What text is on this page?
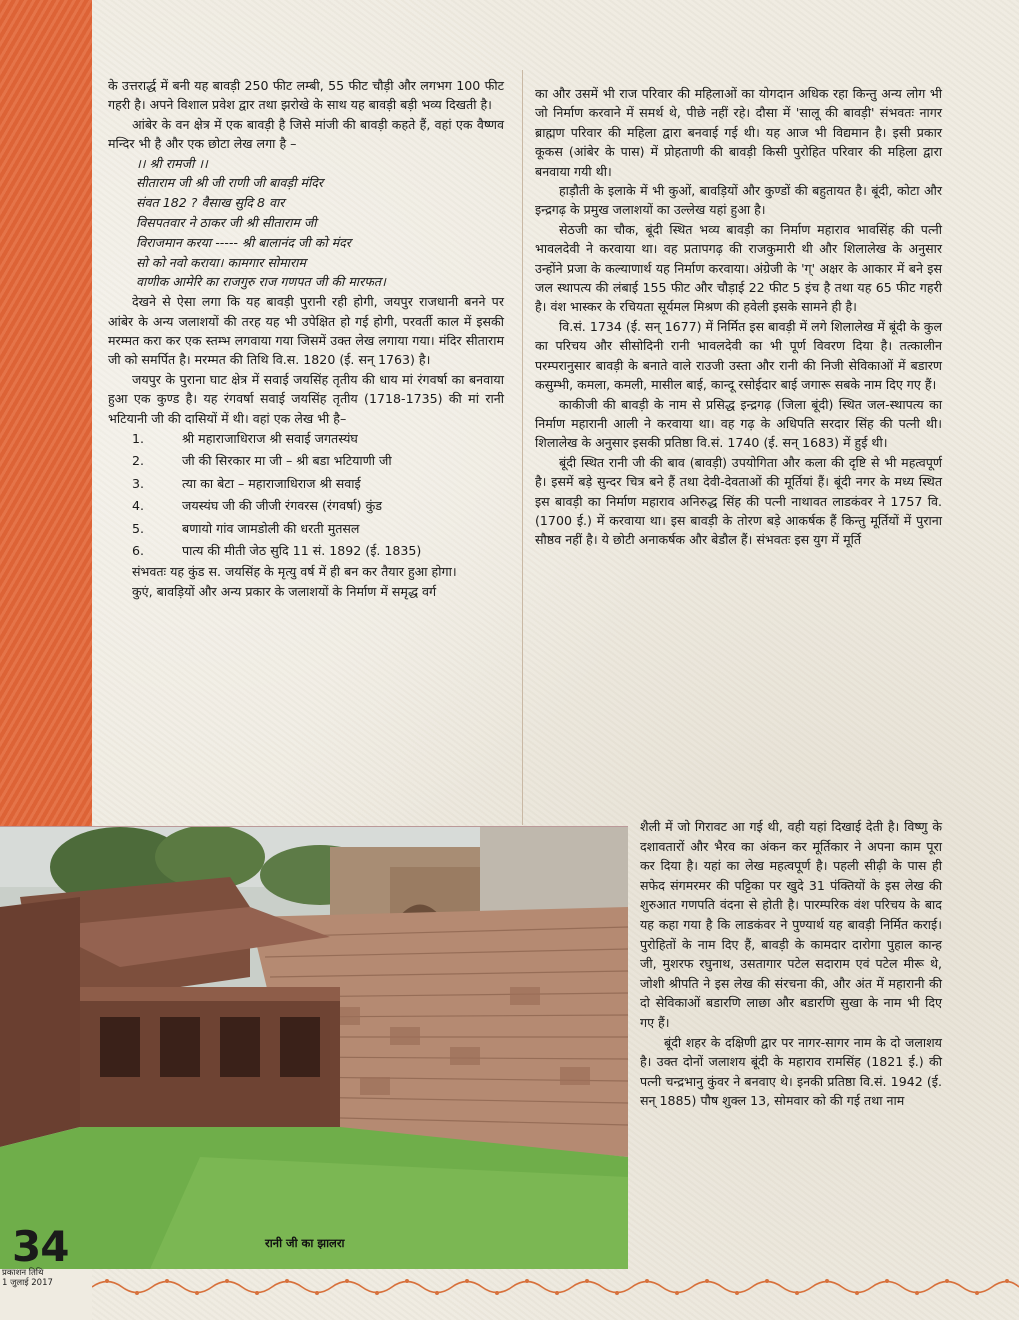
के उत्तरार्द्ध में बनी यह बावड़ी 250 फीट लम्बी, 55 फीट चौड़ी और लगभग 100 फीट गहरी है। अपने विशाल प्रवेश द्वार तथा झरोखे के साथ यह बावड़ी बड़ी भव्य दिखती है।

आंबेर के वन क्षेत्र में एक बावड़ी है जिसे मांजी की बावड़ी कहते हैं, वहां एक वैष्णव मन्दिर भी है और एक छोटा लेख लगा है –

।। श्री रामजी ।।
सीताराम जी श्री जी राणी जी बावड़ी मंदिर
संवत 182 ? वैसाख सुदि 8 वार
विसपतवार ने ठाकर जी श्री सीताराम जी
विराजमान करया ----- श्री बालानंद जी को मंदर
सो को नवो कराया। कामगार सोमाराम
वाणीक आमेरि का राजगुरु राज गणपत जी की मारफत।

देखने से ऐसा लगा कि यह बावड़ी पुरानी रही होगी, जयपुर राजधानी बनने पर आंबेर के अन्य जलाशयों की तरह यह भी उपेक्षित हो गई होगी, परवर्ती काल में इसकी मरम्मत करा कर एक स्तम्भ लगवाया गया जिसमें उक्त लेख लगाया गया। मंदिर सीताराम जी को समर्पित है। मरम्मत की तिथि वि.स. 1820 (ई. सन् 1763) है।

जयपुर के पुराना घाट क्षेत्र में सवाई जयसिंह तृतीय की धाय मां रंगवर्षा का बनवाया हुआ एक कुण्ड है। यह रंगवर्षा सवाई जयसिंह तृतीय (1718-1735) की मां रानी भटियानी जी की दासियों में थी। वहां एक लेख भी है–

1.	श्री महाराजाधिराज श्री सवाई जगतस्यंघ
2.	जी की सिरकार मा जी – श्री बडा भटियाणी जी
3.	त्या का बेटा – महाराजाधिराज श्री सवाई
4.	जयस्यंघ जी की जीजी रंगवरस (रंगवर्षा) कुंड
5.	बणायो गांव जामडोली की धरती मुतसल
6.	पात्य की मीती जेठ सुदि 11 सं. 1892 (ई. 1835)

संभवतः यह कुंड स. जयसिंह के मृत्यु वर्ष में ही बन कर तैयार हुआ होगा।

कुएं, बावड़ियों और अन्य प्रकार के जलाशयों के निर्माण में समृद्ध वर्ग

का और उसमें भी राज परिवार की महिलाओं का योगदान अधिक रहा किन्तु अन्य लोग भी जो निर्माण करवाने में समर्थ थे, पीछे नहीं रहे। दौसा में 'सालू की बावड़ी' संभवतः नागर ब्राह्मण परिवार की महिला द्वारा बनवाई गई थी। यह आज भी विद्यमान है। इसी प्रकार कूकस (आंबेर के पास) में प्रोहताणी की बावड़ी किसी पुरोहित परिवार की महिला द्वारा बनवाया गयी थी।

हाड़ौती के इलाके में भी कुओं, बावड़ियों और कुण्डों की बहुतायत है। बूंदी, कोटा और इन्द्रगढ़ के प्रमुख जलाशयों का उल्लेख यहां हुआ है।

सेठजी का चौक, बूंदी स्थित भव्य बावड़ी का निर्माण महाराव भावसिंह की पत्नी भावलदेवी ने करवाया था। वह प्रतापगढ़ की राजकुमारी थी और शिलालेख के अनुसार उन्होंने प्रजा के कल्याणार्थ यह निर्माण करवाया। अंग्रेजी के 'ग्' अक्षर के आकार में बने इस जल स्थापत्य की लंबाई 155 फीट और चौड़ाई 22 फीट 5 इंच है तथा यह 65 फीट गहरी है। वंश भास्कर के रचियता सूर्यमल मिश्रण की हवेली इसके सामने ही है।

वि.सं. 1734 (ई. सन् 1677) में निर्मित इस बावड़ी में लगे शिलालेख में बूंदी के कुल का परिचय और सीसोदिनी रानी भावलदेवी का भी पूर्ण विवरण दिया है। तत्कालीन परम्परानुसार बावड़ी के बनाते वाले राउजी उस्ता और रानी की निजी सेविकाओं में बडारण कसुम्भी, कमला, कमली, मासील बाई, कान्दू रसोईदार बाई जगारू सबके नाम दिए गए हैं।

काकीजी की बावड़ी के नाम से प्रसिद्ध इन्द्रगढ़ (जिला बूंदी) स्थित जल-स्थापत्य का निर्माण महारानी आली ने करवाया था। वह गढ़ के अधिपति सरदार सिंह की पत्नी थी। शिलालेख के अनुसार इसकी प्रतिष्ठा वि.सं. 1740 (ई. सन् 1683) में हुई थी।

बूंदी स्थित रानी जी की बाव (बावड़ी) उपयोगिता और कला की दृष्टि से भी महत्वपूर्ण है। इसमें बड़े सुन्दर चित्र बने हैं तथा देवी-देवताओं की मूर्तियां हैं। बूंदी नगर के मध्य स्थित इस बावड़ी का निर्माण महाराव अनिरुद्ध सिंह की पत्नी नाथावत लाडकंवर ने 1757 वि. (1700 ई.) में करवाया था। इस बावड़ी के तोरण बड़े आकर्षक हैं किन्तु मूर्तियों में पुराना सौष्ठव नहीं है। ये छोटी अनाकर्षक और बेडौल हैं। संभवतः इस युग में मूर्ति

रानी जी का झालरा

शैली में जो गिरावट आ गई थी, वही यहां दिखाई देती है। विष्णु के दशावतारों और भैरव का अंकन कर मूर्तिकार ने अपना काम पूरा कर दिया है। यहां का लेख महत्वपूर्ण है। पहली सीढ़ी के पास ही सफेद संगमरमर की पट्टिका पर खुदे 31 पंक्तियों के इस लेख की शुरुआत गणपति वंदना से होती है। पारम्परिक वंश परिचय के बाद यह कहा गया है कि लाडकंवर ने पुण्यार्थ यह बावड़ी निर्मित कराई। पुरोहितों के नाम दिए हैं, बावड़ी के कामदार दारोगा पुहाल कान्ह जी, मुशरफ रघुनाथ, उसतागार पटेल सदाराम एवं पटेल मीरू थे, जोशी श्रीपति ने इस लेख की संरचना की, और अंत में महारानी की दो सेविकाओं बडारणि लाछा और बडारणि सुखा के नाम भी दिए गए हैं।

बूंदी शहर के दक्षिणी द्वार पर नागर-सागर नाम के दो जलाशय है। उक्त दोनों जलाशय बूंदी के महाराव रामसिंह (1821 ई.) की पत्नी चन्द्रभानु कुंवर ने बनवाए थे। इनकी प्रतिष्ठा वि.सं. 1942 (ई. सन् 1885) पौष शुक्ल 13, सोमवार को की गई तथा नाम

34
प्रकाशन तिथि
1 जुलाई 2017
